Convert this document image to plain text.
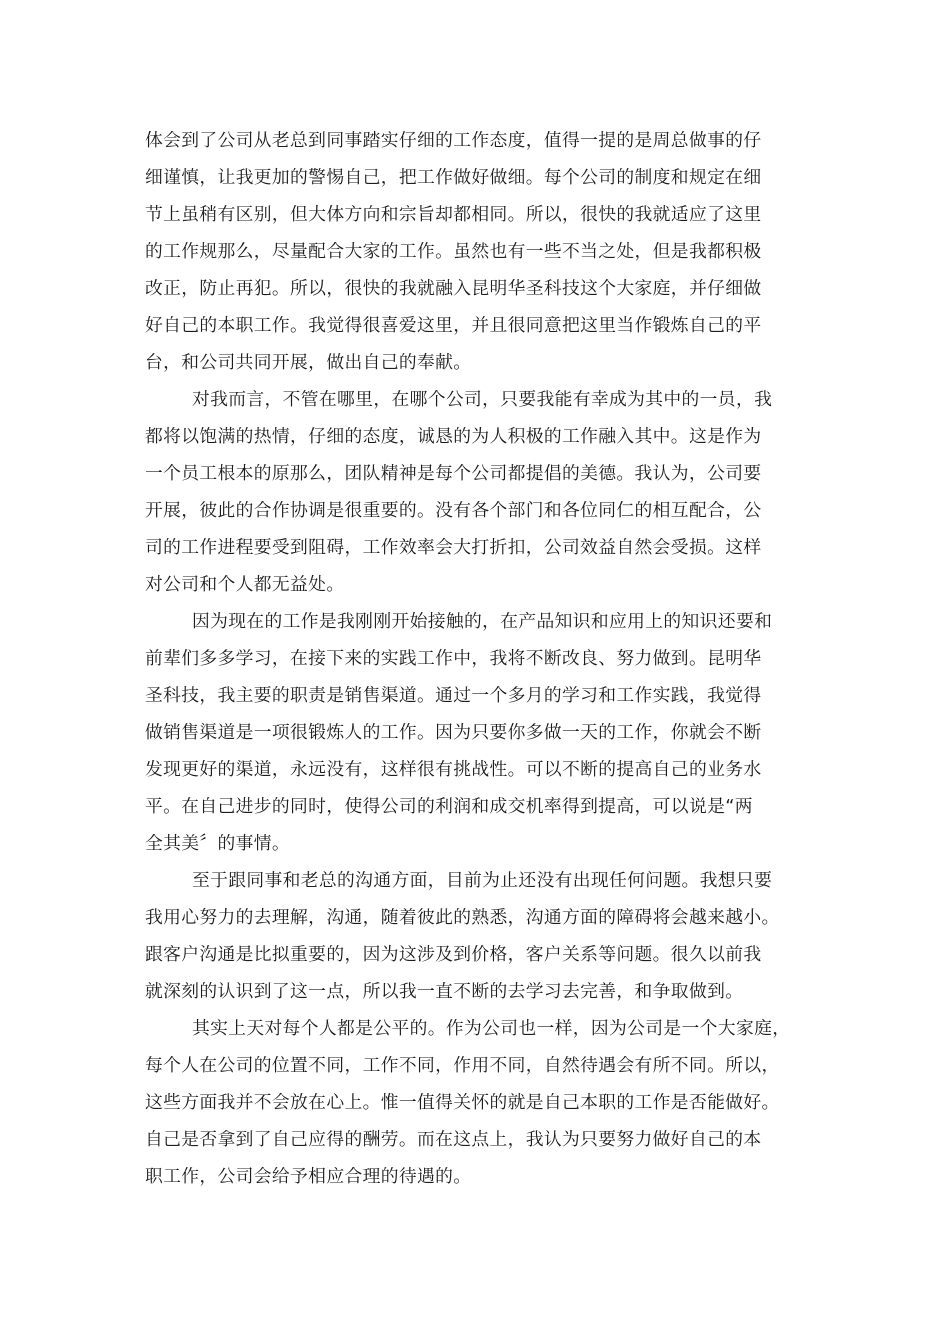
体会到了公司从老总到同事踏实仔细的工作态度，值得一提的是周总做事的仔
细谨慎，让我更加的警惕自己，把工作做好做细。每个公司的制度和规定在细
节上虽稍有区别，但大体方向和宗旨却都相同。所以，很快的我就适应了这里
的工作规那么，尽量配合大家的工作。虽然也有一些不当之处，但是我都积极
改正，防止再犯。所以，很快的我就融入昆明华圣科技这个大家庭，并仔细做
好自己的本职工作。我觉得很喜爱这里，并且很同意把这里当作锻炼自己的平
台，和公司共同开展，做出自己的奉献。
对我而言，不管在哪里，在哪个公司，只要我能有幸成为其中的一员，我
都将以饱满的热情，仔细的态度，诚恳的为人积极的工作融入其中。这是作为
一个员工根本的原那么，团队精神是每个公司都提倡的美德。我认为，公司要
开展，彼此的合作协调是很重要的。没有各个部门和各位同仁的相互配合，公
司的工作进程要受到阻碍，工作效率会大打折扣，公司效益自然会受损。这样
对公司和个人都无益处。
因为现在的工作是我刚刚开始接触的，在产品知识和应用上的知识还要和
前辈们多多学习，在接下来的实践工作中，我将不断改良、努力做到。昆明华
圣科技，我主要的职责是销售渠道。通过一个多月的学习和工作实践，我觉得
做销售渠道是一项很锻炼人的工作。因为只要你多做一天的工作，你就会不断
发现更好的渠道，永远没有，这样很有挑战性。可以不断的提高自己的业务水
平。在自己进步的同时，使得公司的利润和成交机率得到提高，可以说是“两
全其美〞的事情。
至于跟同事和老总的沟通方面，目前为止还没有出现任何问题。我想只要
我用心努力的去理解，沟通，随着彼此的熟悉，沟通方面的障碍将会越来越小。
跟客户沟通是比拟重要的，因为这涉及到价格，客户关系等问题。很久以前我
就深刻的认识到了这一点，所以我一直不断的去学习去完善，和争取做到。
其实上天对每个人都是公平的。作为公司也一样，因为公司是一个大家庭，
每个人在公司的位置不同，工作不同，作用不同，自然待遇会有所不同。所以，
这些方面我并不会放在心上。惟一值得关怀的就是自己本职的工作是否能做好。
自己是否拿到了自己应得的酬劳。而在这点上，我认为只要努力做好自己的本
职工作，公司会给予相应合理的待遇的。
